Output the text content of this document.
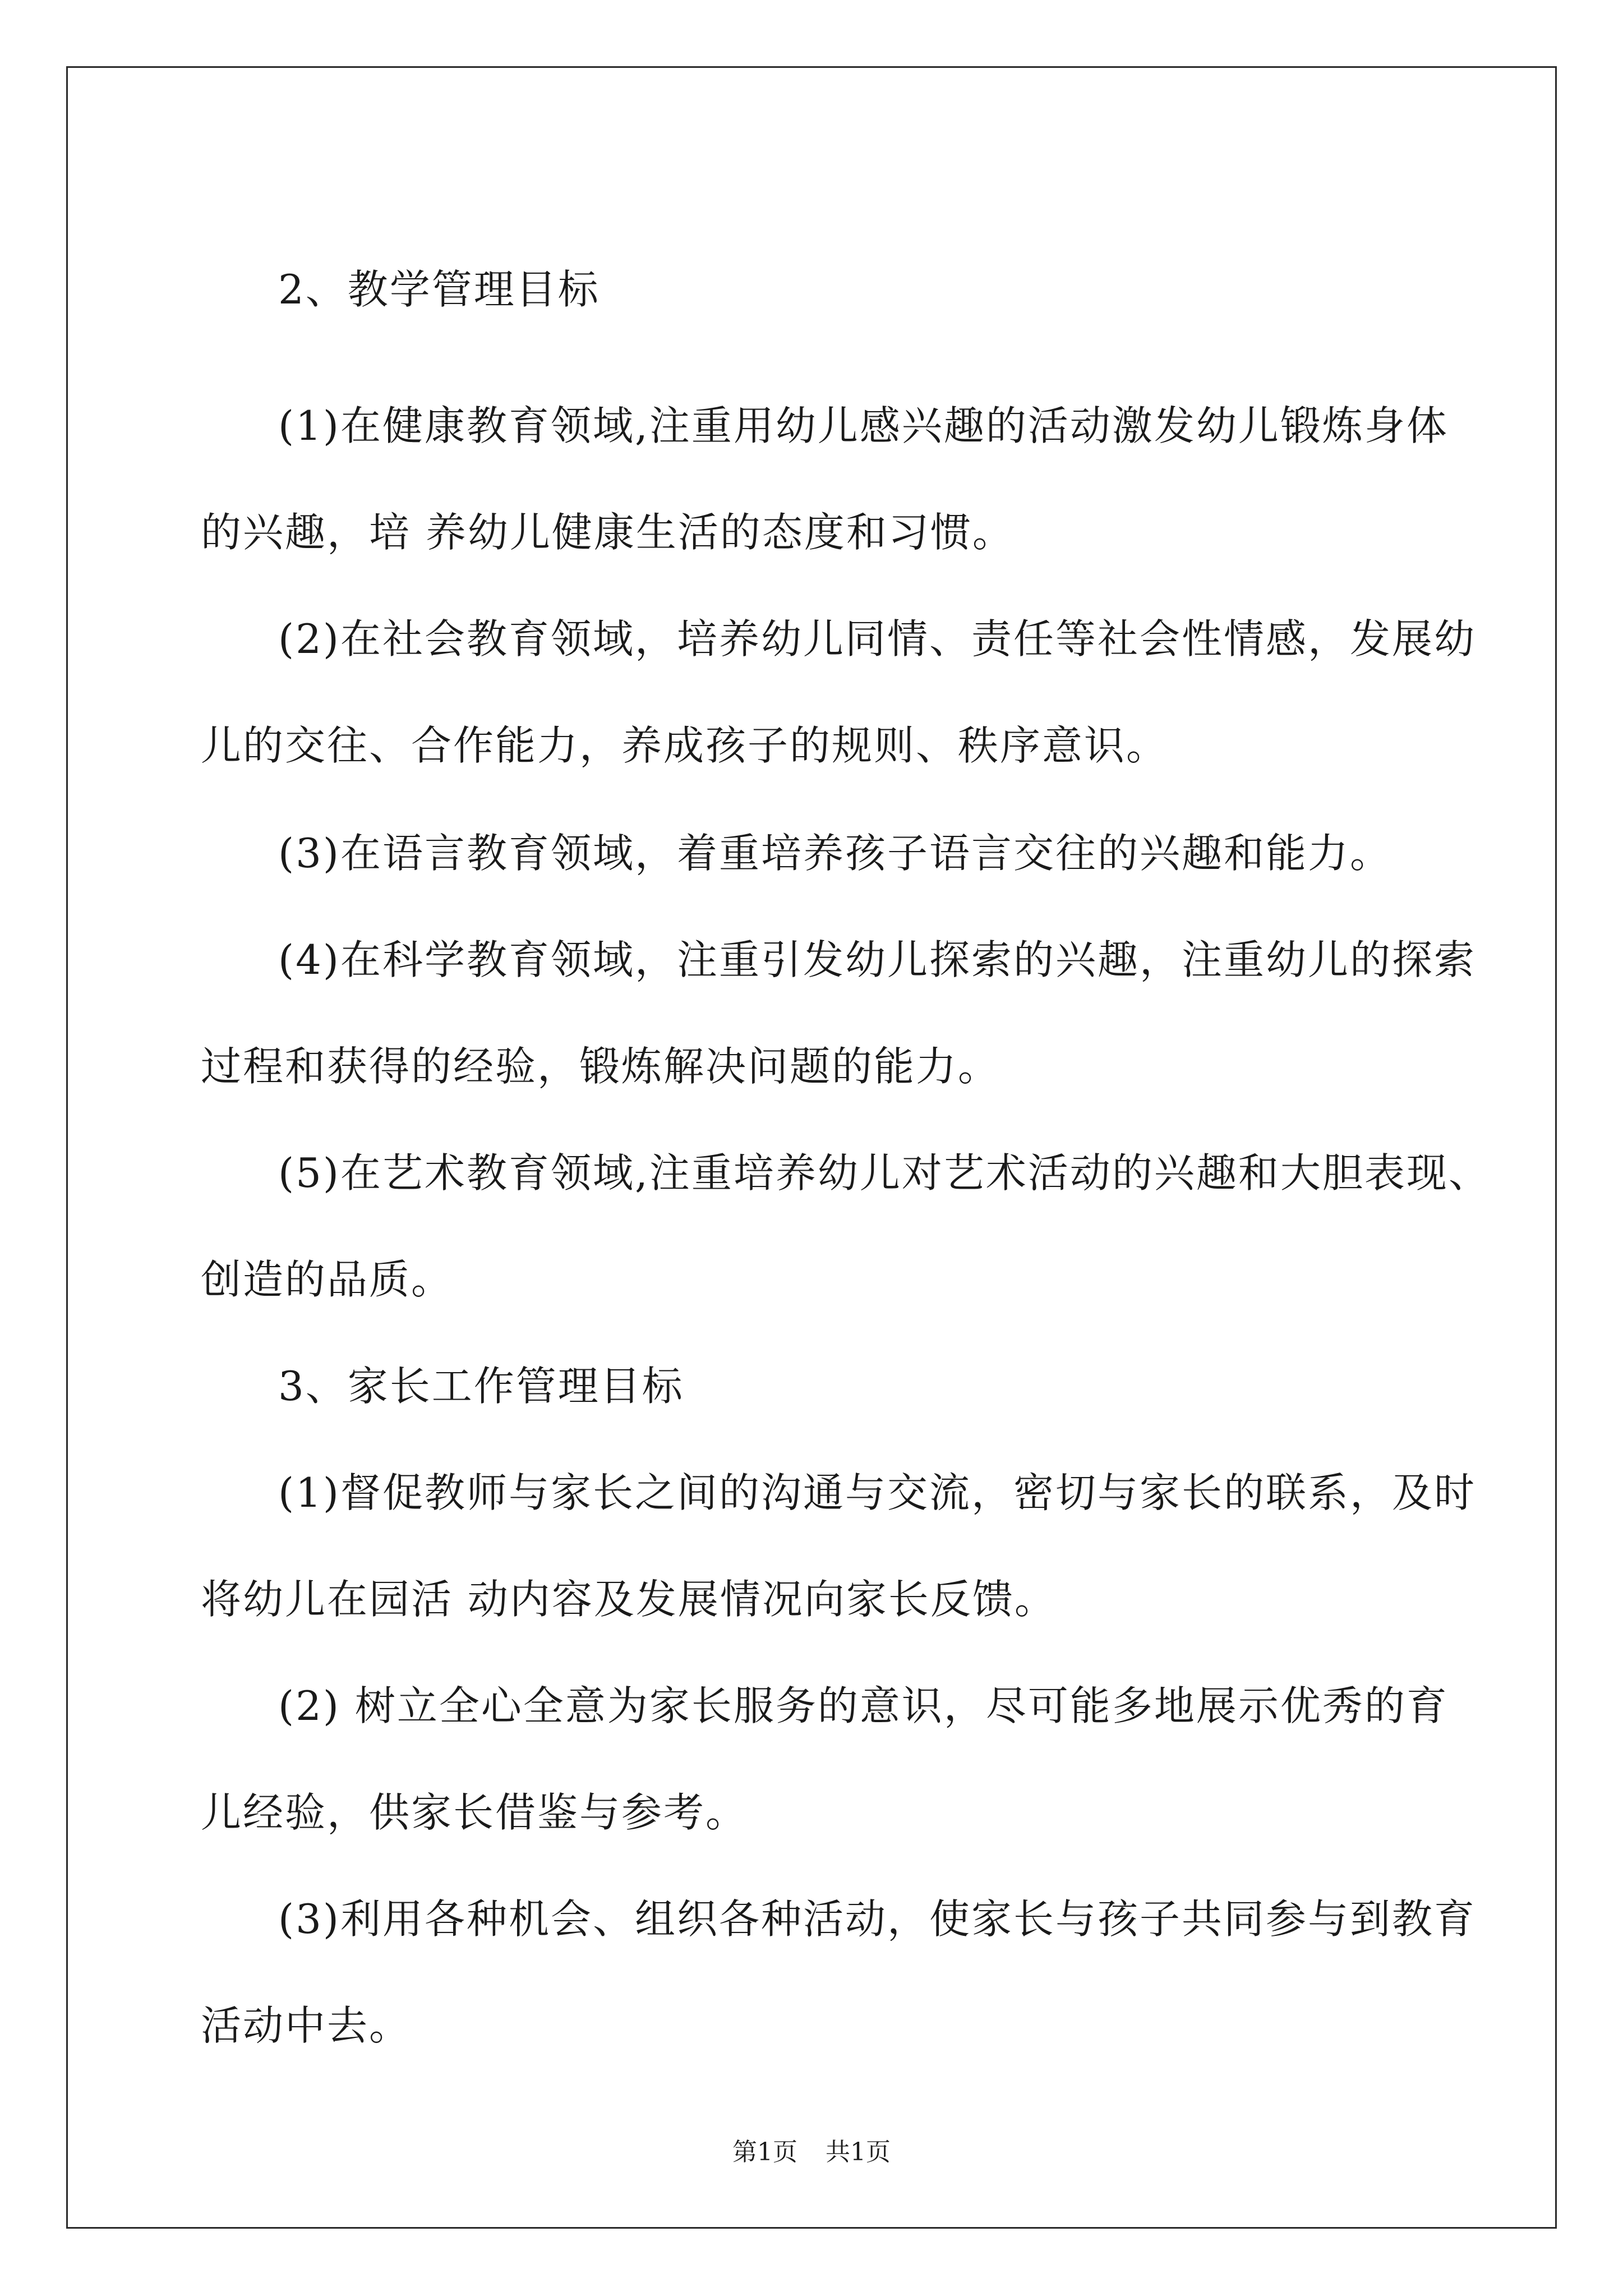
2、教学管理目标

(1)在健康教育领域,注重用幼儿感兴趣的活动激发幼儿锻炼身体

的兴趣，培 养幼儿健康生活的态度和习惯。

(2)在社会教育领域，培养幼儿同情、责任等社会性情感，发展幼

儿的交往、合作能力，养成孩子的规则、秩序意识。

(3)在语言教育领域，着重培养孩子语言交往的兴趣和能力。

(4)在科学教育领域，注重引发幼儿探索的兴趣，注重幼儿的探索

过程和获得的经验，锻炼解决问题的能力。

(5)在艺术教育领域,注重培养幼儿对艺术活动的兴趣和大胆表现、

创造的品质。

3、家长工作管理目标

(1)督促教师与家长之间的沟通与交流，密切与家长的联系，及时

将幼儿在园活 动内容及发展情况向家长反馈。

(2) 树立全心全意为家长服务的意识，尽可能多地展示优秀的育

儿经验，供家长借鉴与参考。

(3)利用各种机会、组织各种活动，使家长与孩子共同参与到教育

活动中去。

第1页 共1页
